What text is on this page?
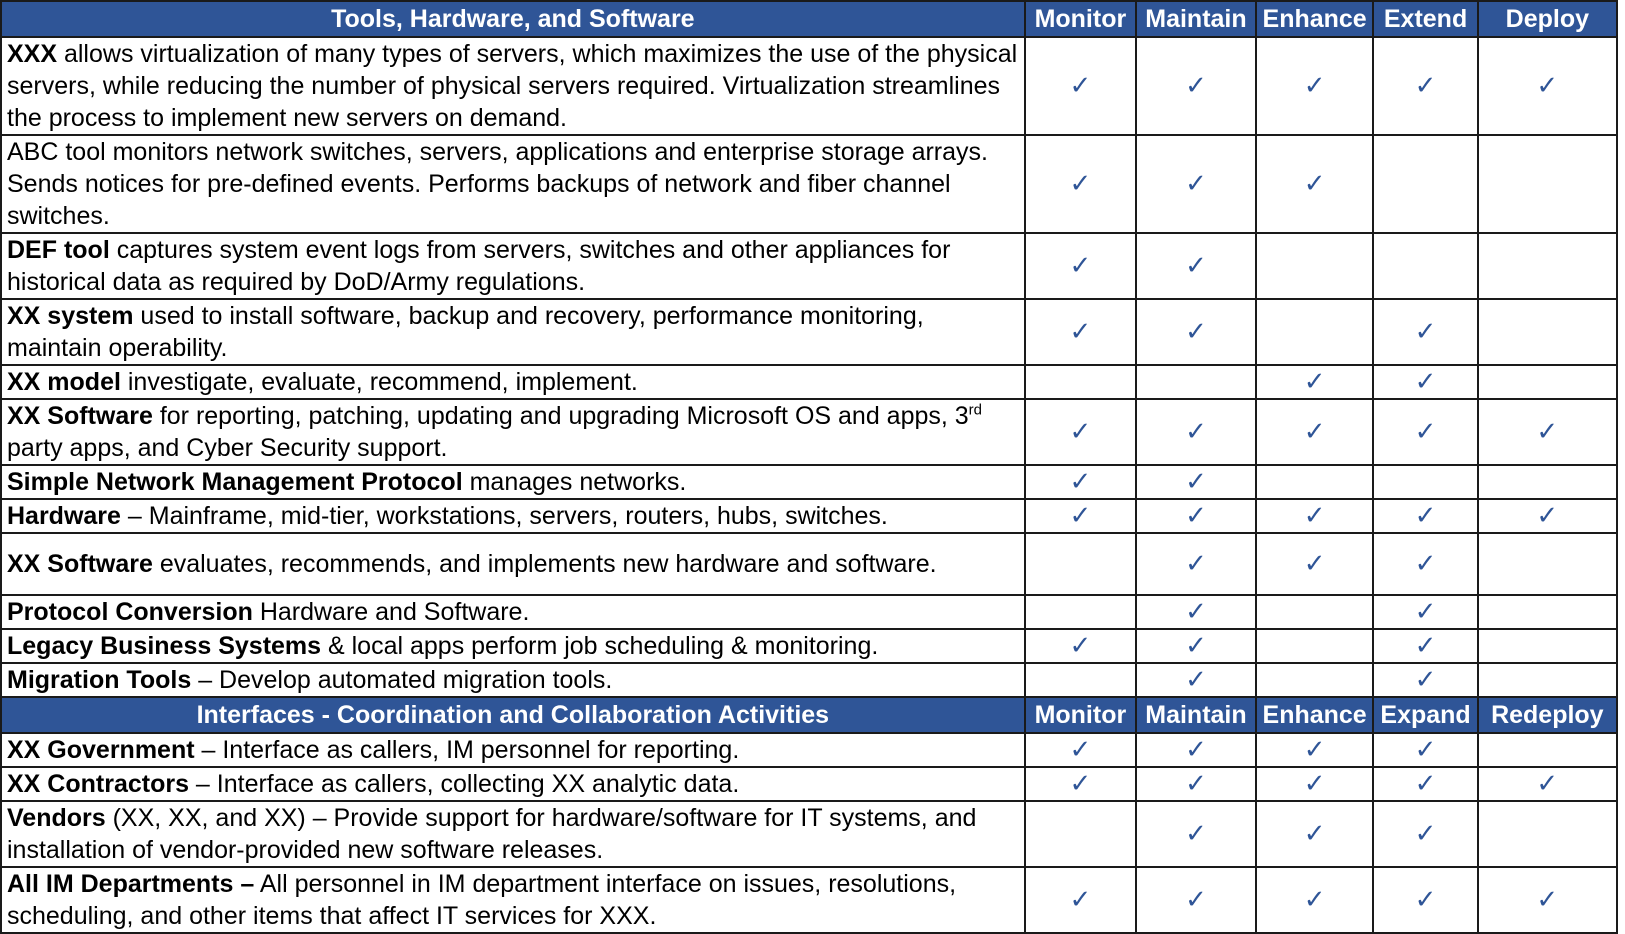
Tools, Hardware, and Software	Monitor	Maintain	Enhance	Extend	Deploy
XXX allows virtualization of many types of servers, which maximizes the use of the physical servers, while reducing the number of physical servers required. Virtualization streamlines the process to implement new servers on demand.	✓	✓	✓	✓	✓
ABC tool monitors network switches, servers, applications and enterprise storage arrays. Sends notices for pre-defined events. Performs backups of network and fiber channel switches.	✓	✓	✓		
DEF tool captures system event logs from servers, switches and other appliances for historical data as required by DoD/Army regulations.	✓	✓			
XX system used to install software, backup and recovery, performance monitoring, maintain operability.	✓	✓		✓	
XX model investigate, evaluate, recommend, implement.			✓	✓	
XX Software for reporting, patching, updating and upgrading Microsoft OS and apps, 3rd party apps, and Cyber Security support.	✓	✓	✓	✓	✓
Simple Network Management Protocol manages networks.	✓	✓			
Hardware – Mainframe, mid-tier, workstations, servers, routers, hubs, switches.	✓	✓	✓	✓	✓
XX Software evaluates, recommends, and implements new hardware and software.		✓	✓	✓	
Protocol Conversion Hardware and Software.		✓		✓	
Legacy Business Systems & local apps perform job scheduling & monitoring.	✓	✓		✓	
Migration Tools – Develop automated migration tools.		✓		✓	
Interfaces - Coordination and Collaboration Activities	Monitor	Maintain	Enhance	Expand	Redeploy
XX Government – Interface as callers, IM personnel for reporting.	✓	✓	✓	✓	
XX Contractors – Interface as callers, collecting XX analytic data.	✓	✓	✓	✓	✓
Vendors (XX, XX, and XX) – Provide support for hardware/software for IT systems, and installation of vendor-provided new software releases.		✓	✓	✓	
All IM Departments – All personnel in IM department interface on issues, resolutions, scheduling, and other items that affect IT services for XXX.	✓	✓	✓	✓	✓
